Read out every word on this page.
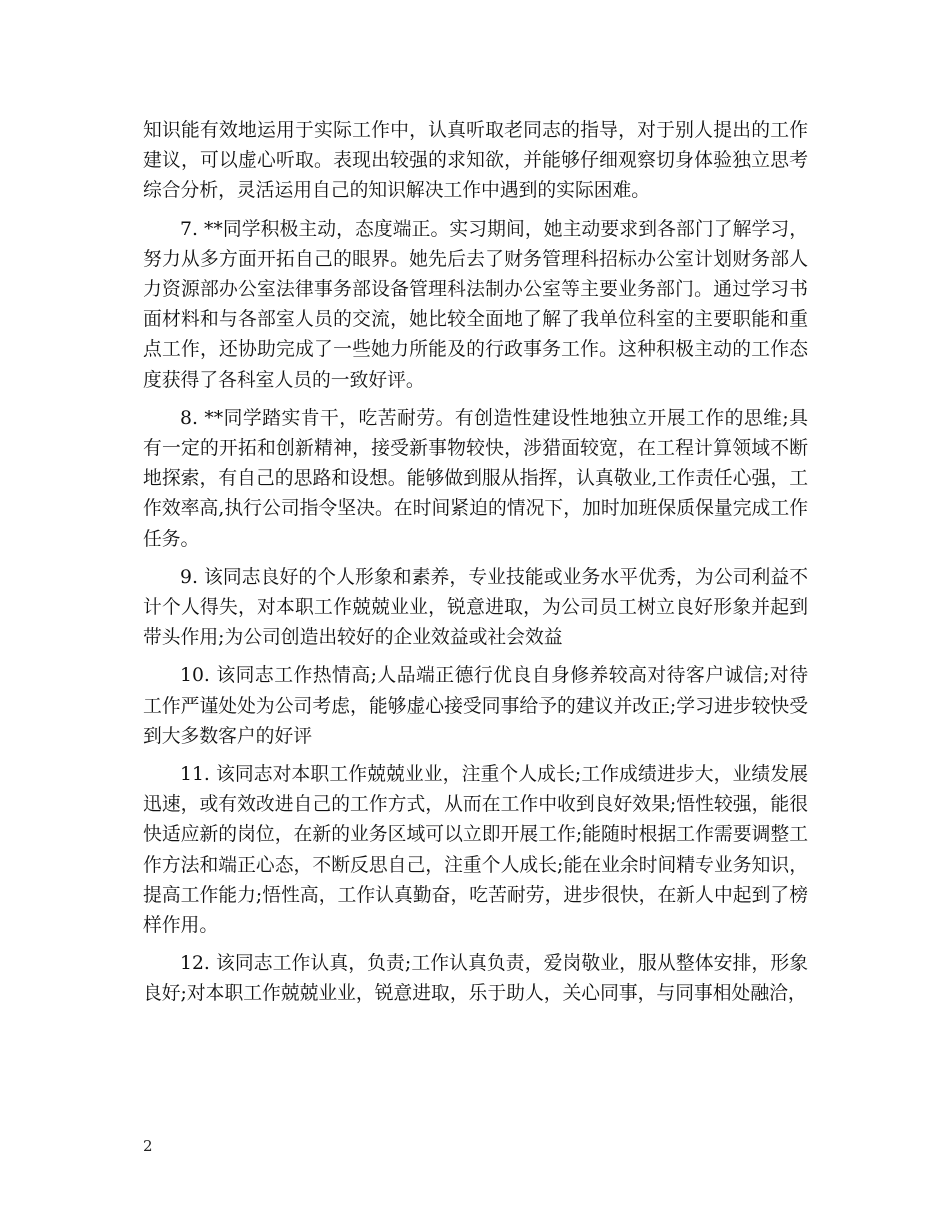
知识能有效地运用于实际工作中，认真听取老同志的指导，对于别人提出的工作建议，可以虚心听取。表现出较强的求知欲，并能够仔细观察切身体验独立思考综合分析，灵活运用自己的知识解决工作中遇到的实际困难。

7. **同学积极主动，态度端正。实习期间，她主动要求到各部门了解学习，努力从多方面开拓自己的眼界。她先后去了财务管理科招标办公室计划财务部人力资源部办公室法律事务部设备管理科法制办公室等主要业务部门。通过学习书面材料和与各部室人员的交流，她比较全面地了解了我单位科室的主要职能和重点工作，还协助完成了一些她力所能及的行政事务工作。这种积极主动的工作态度获得了各科室人员的一致好评。

8. **同学踏实肯干，吃苦耐劳。有创造性建设性地独立开展工作的思维;具有一定的开拓和创新精神，接受新事物较快，涉猎面较宽，在工程计算领域不断地探索，有自己的思路和设想。能够做到服从指挥，认真敬业,工作责任心强，工作效率高,执行公司指令坚决。在时间紧迫的情况下，加时加班保质保量完成工作任务。

9. 该同志良好的个人形象和素养，专业技能或业务水平优秀，为公司利益不计个人得失，对本职工作兢兢业业，锐意进取，为公司员工树立良好形象并起到带头作用;为公司创造出较好的企业效益或社会效益

10. 该同志工作热情高;人品端正德行优良自身修养较高对待客户诚信;对待工作严谨处处为公司考虑，能够虚心接受同事给予的建议并改正;学习进步较快受到大多数客户的好评

11. 该同志对本职工作兢兢业业，注重个人成长;工作成绩进步大，业绩发展迅速，或有效改进自己的工作方式，从而在工作中收到良好效果;悟性较强，能很快适应新的岗位，在新的业务区域可以立即开展工作;能随时根据工作需要调整工作方法和端正心态，不断反思自己，注重个人成长;能在业余时间精专业务知识，提高工作能力;悟性高，工作认真勤奋，吃苦耐劳，进步很快，在新人中起到了榜样作用。

12. 该同志工作认真，负责;工作认真负责，爱岗敬业，服从整体安排，形象良好;对本职工作兢兢业业，锐意进取，乐于助人，关心同事，与同事相处融洽，

2
